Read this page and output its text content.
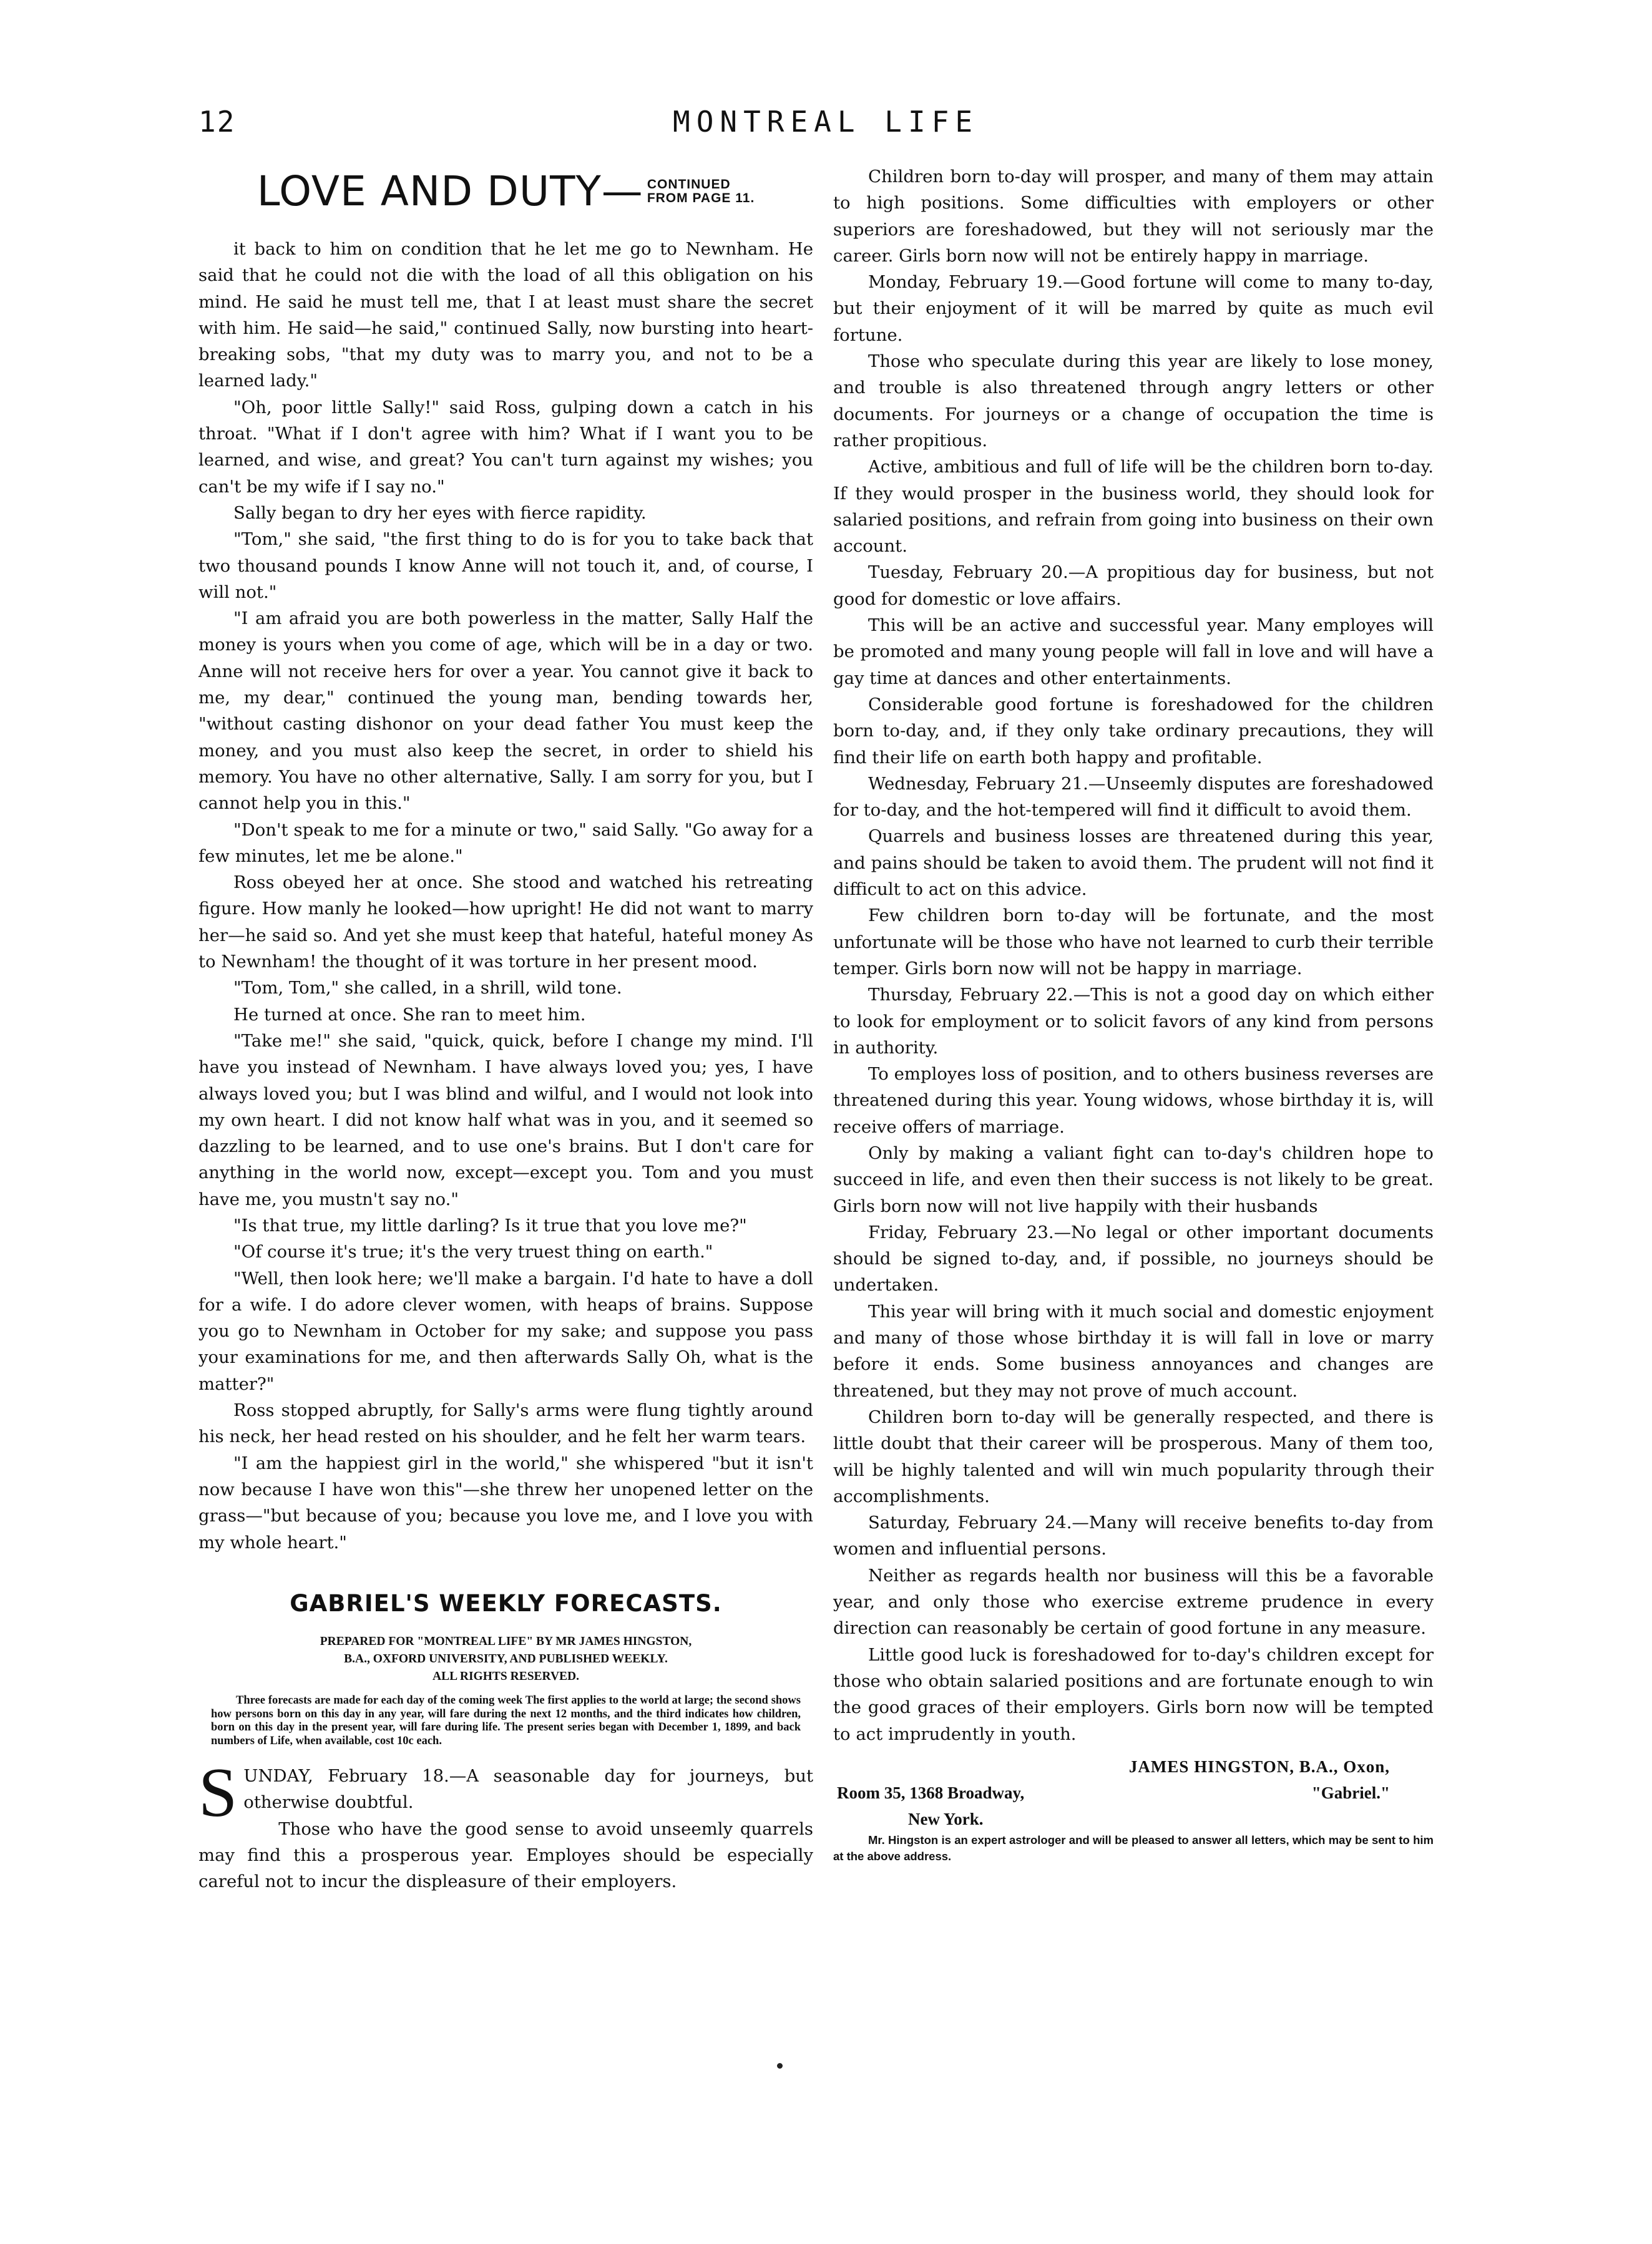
12	MONTREAL LIFE
LOVE AND DUTY— CONTINUED
FROM PAGE 11.

it back to him on condition that he let me go to Newnham. He said that he could not die with the load of all this obligation on his mind. He said he must tell me, that I at least must share the secret with him. He said—he said," continued Sally, now bursting into heart-breaking sobs, "that my duty was to marry you, and not to be a learned lady."

"Oh, poor little Sally!" said Ross, gulping down a catch in his throat. "What if I don't agree with him? What if I want you to be learned, and wise, and great? You can't turn against my wishes; you can't be my wife if I say no."

Sally began to dry her eyes with fierce rapidity.

"Tom," she said, "the first thing to do is for you to take back that two thousand pounds I know Anne will not touch it, and, of course, I will not."

"I am afraid you are both powerless in the matter, Sally Half the money is yours when you come of age, which will be in a day or two. Anne will not receive hers for over a year. You cannot give it back to me, my dear," continued the young man, bending towards her, "without casting dishonor on your dead father You must keep the money, and you must also keep the secret, in order to shield his memory. You have no other alternative, Sally. I am sorry for you, but I cannot help you in this."

"Don't speak to me for a minute or two," said Sally. "Go away for a few minutes, let me be alone."

Ross obeyed her at once. She stood and watched his retreating figure. How manly he looked—how upright! He did not want to marry her—he said so. And yet she must keep that hateful, hateful money As to Newnham! the thought of it was torture in her present mood.

"Tom, Tom," she called, in a shrill, wild tone.

He turned at once. She ran to meet him.

"Take me!" she said, "quick, quick, before I change my mind. I'll have you instead of Newnham. I have always loved you; yes, I have always loved you; but I was blind and wilful, and I would not look into my own heart. I did not know half what was in you, and it seemed so dazzling to be learned, and to use one's brains. But I don't care for anything in the world now, except—except you. Tom and you must have me, you mustn't say no."

"Is that true, my little darling? Is it true that you love me?"

"Of course it's true; it's the very truest thing on earth."

"Well, then look here; we'll make a bargain. I'd hate to have a doll for a wife. I do adore clever women, with heaps of brains. Suppose you go to Newnham in October for my sake; and suppose you pass your examinations for me, and then afterwards Sally Oh, what is the matter?"

Ross stopped abruptly, for Sally's arms were flung tightly around his neck, her head rested on his shoulder, and he felt her warm tears.

"I am the happiest girl in the world," she whispered "but it isn't now because I have won this"—she threw her unopened letter on the grass—"but because of you; because you love me, and I love you with my whole heart."

GABRIEL'S WEEKLY FORECASTS.
PREPARED FOR "MONTREAL LIFE" BY MR JAMES HINGSTON,
B.A., OXFORD UNIVERSITY, AND PUBLISHED WEEKLY.
ALL RIGHTS RESERVED.
Three forecasts are made for each day of the coming week The first applies to the world at large; the second shows how persons born on this day in any year, will fare during the next 12 months, and the third indicates how children, born on this day in the present year, will fare during life. The present series began with December 1, 1899, and back numbers of Life, when available, cost 10c each.

SUNDAY, February 18.—A seasonable day for journeys, but otherwise doubtful.

Those who have the good sense to avoid unseemly quarrels may find this a prosperous year. Employes should be especially careful not to incur the displeasure of their employers.

Children born to-day will prosper, and many of them may attain to high positions. Some difficulties with employers or other superiors are foreshadowed, but they will not seriously mar the career. Girls born now will not be entirely happy in marriage.

Monday, February 19.—Good fortune will come to many to-day, but their enjoyment of it will be marred by quite as much evil fortune.

Those who speculate during this year are likely to lose money, and trouble is also threatened through angry letters or other documents. For journeys or a change of occupation the time is rather propitious.

Active, ambitious and full of life will be the children born to-day. If they would prosper in the business world, they should look for salaried positions, and refrain from going into business on their own account.

Tuesday, February 20.—A propitious day for business, but not good for domestic or love affairs.

This will be an active and successful year. Many employes will be promoted and many young people will fall in love and will have a gay time at dances and other entertainments.

Considerable good fortune is foreshadowed for the children born to-day, and, if they only take ordinary precautions, they will find their life on earth both happy and profitable.

Wednesday, February 21.—Unseemly disputes are foreshadowed for to-day, and the hot-tempered will find it difficult to avoid them.

Quarrels and business losses are threatened during this year, and pains should be taken to avoid them. The prudent will not find it difficult to act on this advice.

Few children born to-day will be fortunate, and the most unfortunate will be those who have not learned to curb their terrible temper. Girls born now will not be happy in marriage.

Thursday, February 22.—This is not a good day on which either to look for employment or to solicit favors of any kind from persons in authority.

To employes loss of position, and to others business reverses are threatened during this year. Young widows, whose birthday it is, will receive offers of marriage.

Only by making a valiant fight can to-day's children hope to succeed in life, and even then their success is not likely to be great. Girls born now will not live happily with their husbands

Friday, February 23.—No legal or other important documents should be signed to-day, and, if possible, no journeys should be undertaken.

This year will bring with it much social and domestic enjoyment and many of those whose birthday it is will fall in love or marry before it ends. Some business annoyances and changes are threatened, but they may not prove of much account.

Children born to-day will be generally respected, and there is little doubt that their career will be prosperous. Many of them too, will be highly talented and will win much popularity through their accomplishments.

Saturday, February 24.—Many will receive benefits to-day from women and influential persons.

Neither as regards health nor business will this be a favorable year, and only those who exercise extreme prudence in every direction can reasonably be certain of good fortune in any measure.

Little good luck is foreshadowed for to-day's children except for those who obtain salaried positions and are fortunate enough to win the good graces of their employers. Girls born now will be tempted to act imprudently in youth.

JAMES HINGSTON, B.A., Oxon,
Room 35, 1368 Broadway,	"Gabriel."
New York.

Mr. Hingston is an expert astrologer and will be pleased to answer all letters, which may be sent to him at the above address.
